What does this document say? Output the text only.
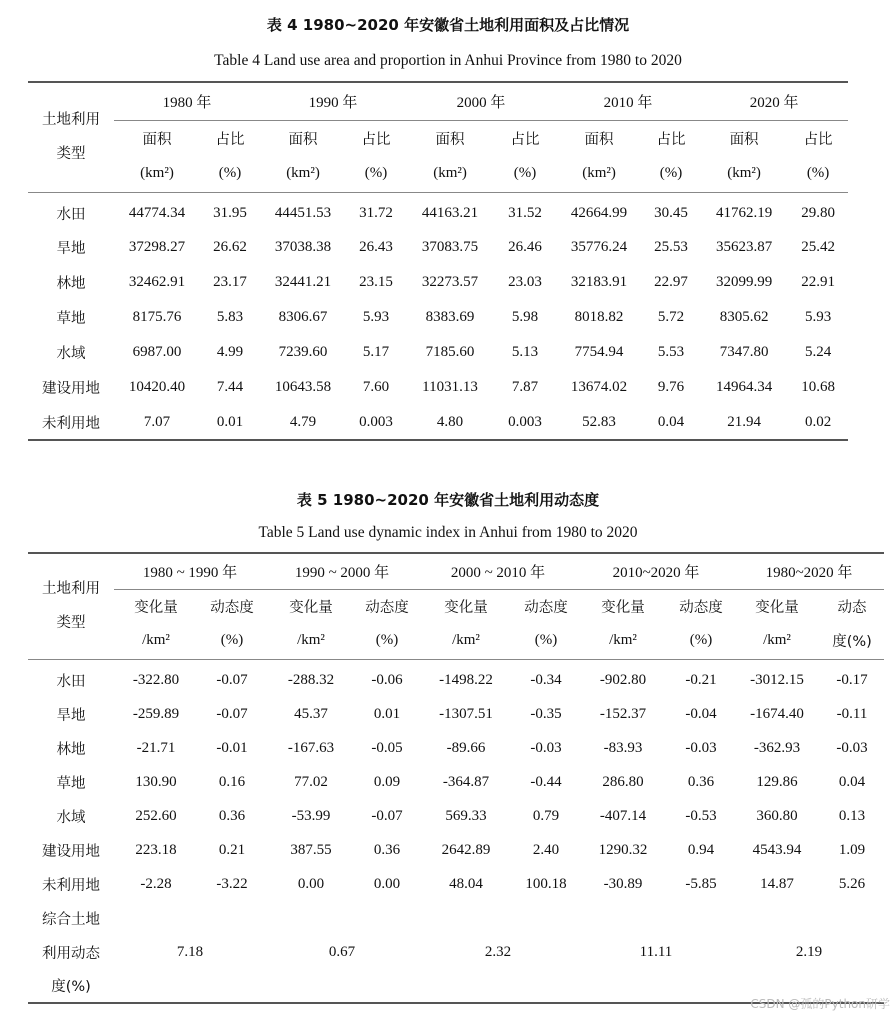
表 4 1980~2020 年安徽省土地利用面积及占比情况
Table 4 Land use area and proportion in Anhui Province from 1980 to 2020
土地利用
类型	1980 年		1990 年		2000 年		2010 年		2020 年	
	面积	占比	面积	占比	面积	占比	面积	占比	面积	占比
	(km²)	(%)	(km²)	(%)	(km²)	(%)	(km²)	(%)	(km²)	(%)
水田	44774.34	31.95	44451.53	31.72	44163.21	31.52	42664.99	30.45	41762.19	29.80
旱地	37298.27	26.62	37038.38	26.43	37083.75	26.46	35776.24	25.53	35623.87	25.42
林地	32462.91	23.17	32441.21	23.15	32273.57	23.03	32183.91	22.97	32099.99	22.91
草地	8175.76	5.83	8306.67	5.93	8383.69	5.98	8018.82	5.72	8305.62	5.93
水域	6987.00	4.99	7239.60	5.17	7185.60	5.13	7754.94	5.53	7347.80	5.24
建设用地	10420.40	7.44	10643.58	7.60	11031.13	7.87	13674.02	9.76	14964.34	10.68
未利用地	7.07	0.01	4.79	0.003	4.80	0.003	52.83	0.04	21.94	0.02
表 5 1980~2020 年安徽省土地利用动态度
Table 5 Land use dynamic index in Anhui from 1980 to 2020
土地利用
类型	1980 ~ 1990 年		1990 ~ 2000 年		2000 ~ 2010 年		2010~2020 年		1980~2020 年	
	变化量	动态度	变化量	动态度	变化量	动态度	变化量	动态度	变化量	动态
	/km²	(%)	/km²	(%)	/km²	(%)	/km²	(%)	/km²	度(%)
水田	-322.80	-0.07	-288.32	-0.06	-1498.22	-0.34	-902.80	-0.21	-3012.15	-0.17
旱地	-259.89	-0.07	45.37	0.01	-1307.51	-0.35	-152.37	-0.04	-1674.40	-0.11
林地	-21.71	-0.01	-167.63	-0.05	-89.66	-0.03	-83.93	-0.03	-362.93	-0.03
草地	130.90	0.16	77.02	0.09	-364.87	-0.44	286.80	0.36	129.86	0.04
水域	252.60	0.36	-53.99	-0.07	569.33	0.79	-407.14	-0.53	360.80	0.13
建设用地	223.18	0.21	387.55	0.36	2642.89	2.40	1290.32	0.94	4543.94	1.09
未利用地	-2.28	-3.22	0.00	0.00	48.04	100.18	-30.89	-5.85	14.87	5.26
综合土地										
利用动态	7.18		0.67		2.32		11.11		2.19	
度(%)										
CSDN @孤的Python研学
